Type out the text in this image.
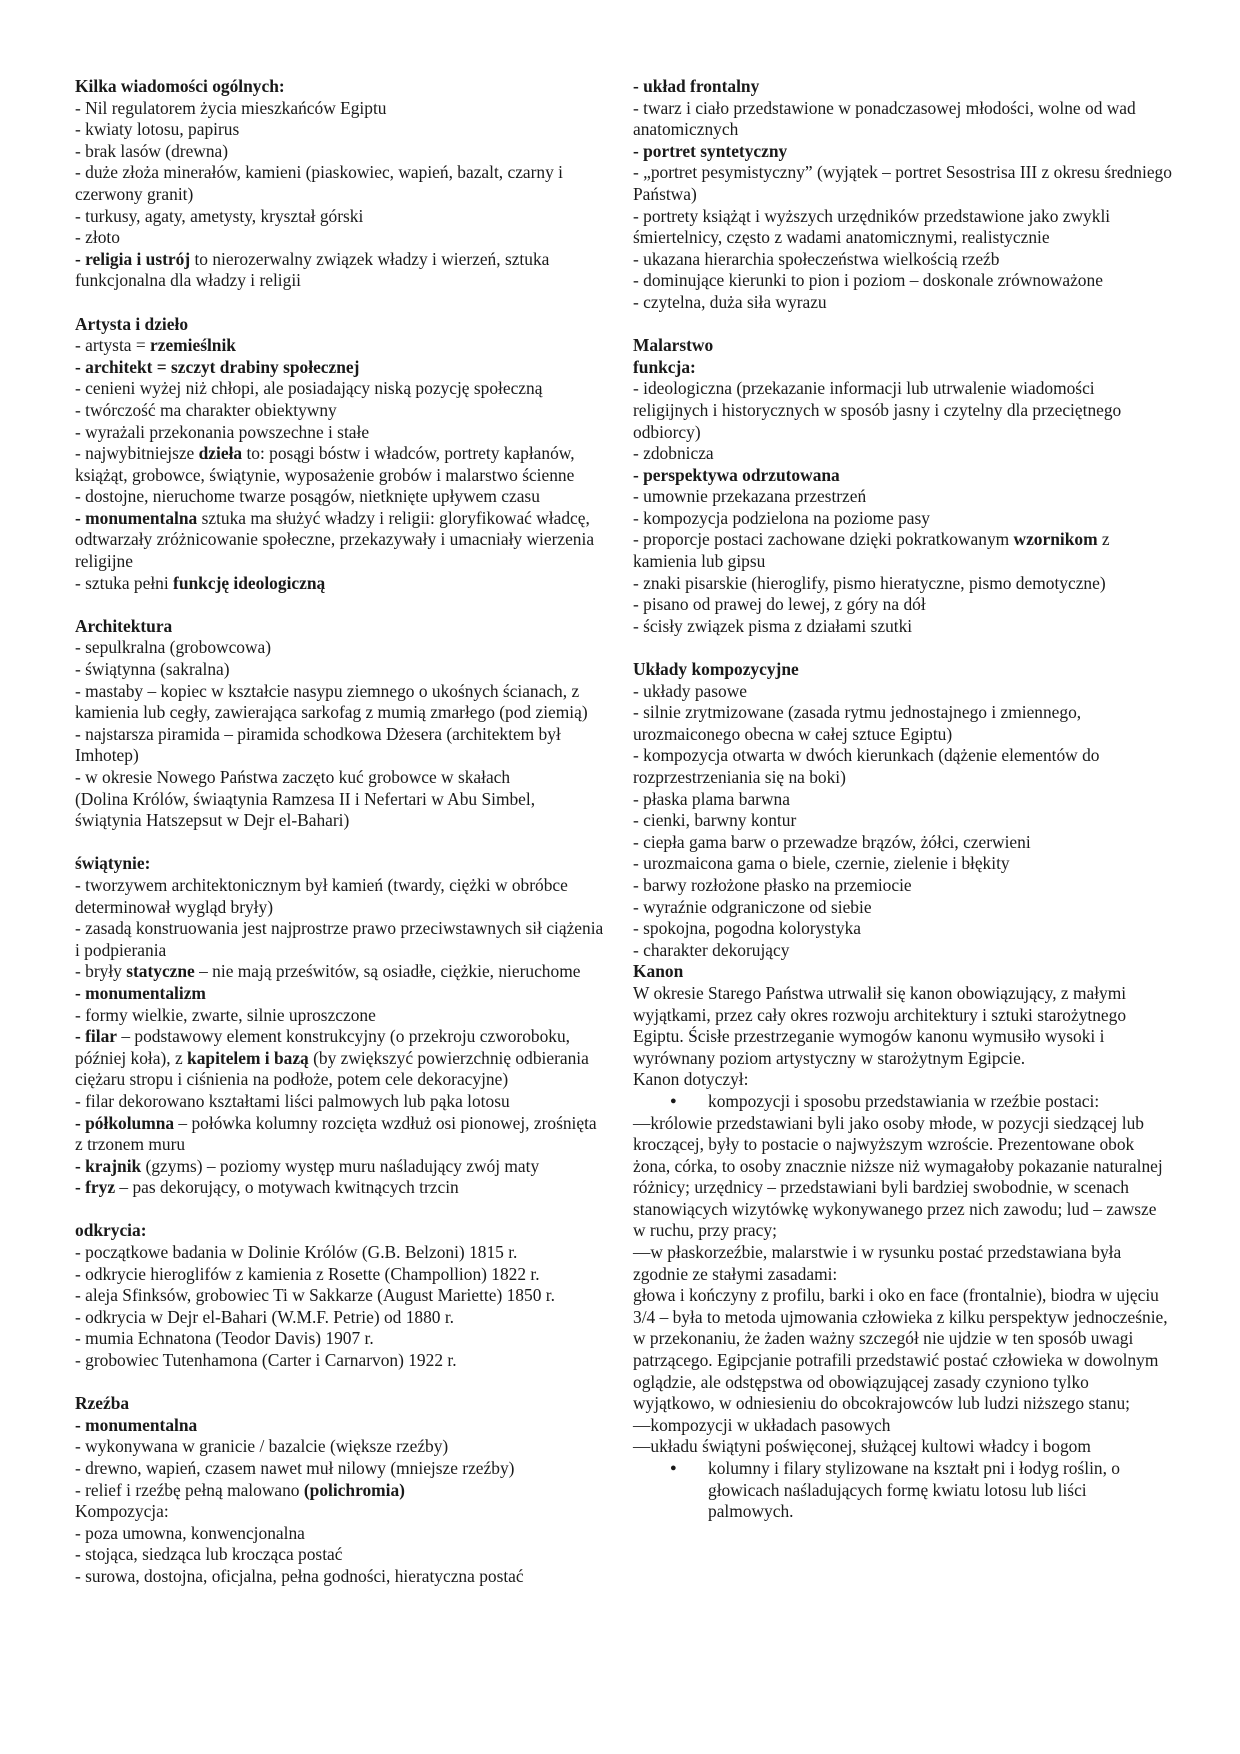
Kilka wiadomości ogólnych:
- Nil regulatorem życia mieszkańców Egiptu
- kwiaty lotosu, papirus
- brak lasów (drewna)
- duże złoża minerałów, kamieni (piaskowiec, wapień, bazalt, czarny i czerwony granit)
- turkusy, agaty, ametysty, kryształ górski
- złoto
- religia i ustrój to nierozerwalny związek władzy i wierzeń, sztuka funkcjonalna dla władzy i religii
Artysta i dzieło
- artysta = rzemieślnik
- architekt = szczyt drabiny społecznej
- cenieni wyżej niż chłopi, ale posiadający niską pozycję społeczną
- twórczość ma charakter obiektywny
- wyrażali przekonania powszechne i stałe
- najwybitniejsze dzieła to: posągi bóstw i władców, portrety kapłanów, książąt, grobowce, świątynie, wyposażenie grobów i malarstwo ścienne
- dostojne, nieruchome twarze posągów, nietknięte upływem czasu
- monumentalna sztuka ma służyć władzy i religii: gloryfikować władcę, odtwarzały zróżnicowanie społeczne, przekazywały i umacniały wierzenia religijne
- sztuka pełni funkcję ideologiczną
Architektura
- sepulkralna (grobowcowa)
- świątynna (sakralna)
- mastaby – kopiec w kształcie nasypu ziemnego o ukośnych ścianach, z kamienia lub cegły, zawierająca sarkofag z mumią zmarłego (pod ziemią)
- najstarsza piramida – piramida schodkowa Dżesera (architektem był Imhotep)
- w okresie Nowego Państwa zaczęto kuć grobowce w skałach
(Dolina Królów, świaątynia Ramzesa II i Nefertari w Abu Simbel, świątynia Hatszepsut w Dejr el-Bahari)
świątynie:
- tworzywem architektonicznym był kamień (twardy, ciężki w obróbce determinował wygląd bryły)
- zasadą konstruowania jest najprostrze prawo przeciwstawnych sił ciążenia i podpierania
- bryły statyczne – nie mają prześwitów, są osiadłe, ciężkie, nieruchome
- monumentalizm
- formy wielkie, zwarte, silnie uproszczone
- filar – podstawowy element konstrukcyjny (o przekroju czworoboku, później koła), z kapitelem i bazą (by zwiększyć powierzchnię odbierania ciężaru stropu i ciśnienia na podłoże, potem cele dekoracyjne)
- filar dekorowano kształtami liści palmowych lub pąka lotosu
- półkolumna – połówka kolumny rozcięta wzdłuż osi pionowej, zrośnięta z trzonem muru
- krajnik (gzyms) – poziomy występ muru naśladujący zwój maty
- fryz – pas dekorujący, o motywach kwitnących trzcin
odkrycia:
- początkowe badania w Dolinie Królów (G.B. Belzoni) 1815 r.
- odkrycie hieroglifów z kamienia z Rosette (Champollion) 1822 r.
- aleja Sfinksów, grobowiec Ti w Sakkarze (August Mariette) 1850 r.
- odkrycia w Dejr el-Bahari (W.M.F. Petrie) od 1880 r.
- mumia Echnatona (Teodor Davis) 1907 r.
- grobowiec Tutenhamona (Carter i Carnarvon) 1922 r.
Rzeźba
- monumentalna
- wykonywana w granicie / bazalcie (większe rzeźby)
- drewno, wapień, czasem nawet muł nilowy (mniejsze rzeźby)
- relief i rzeźbę pełną malowano (polichromia)
Kompozycja:
- poza umowna, konwencjonalna
- stojąca, siedząca lub krocząca postać
- surowa, dostojna, oficjalna, pełna godności, hieratyczna postać
- układ frontalny
- twarz i ciało przedstawione w ponadczasowej młodości, wolne od wad anatomicznych
- portret syntetyczny
- „portret pesymistyczny” (wyjątek – portret Sesostrisa III z okresu średniego Państwa)
- portrety książąt i wyższych urzędników przedstawione jako zwykli śmiertelnicy, często z wadami anatomicznymi, realistycznie
- ukazana hierarchia społeczeństwa wielkością rzeźb
- dominujące kierunki to pion i poziom – doskonale zrównoważone
- czytelna, duża siła wyrazu
Malarstwo
funkcja:
- ideologiczna (przekazanie informacji lub utrwalenie wiadomości religijnych i historycznych w sposób jasny i czytelny dla przeciętnego odbiorcy)
- zdobnicza
- perspektywa odrzutowana
- umownie przekazana przestrzeń
- kompozycja podzielona na poziome pasy
- proporcje postaci zachowane dzięki pokratkowanym wzornikom z kamienia lub gipsu
- znaki pisarskie (hieroglify, pismo hieratyczne, pismo demotyczne)
- pisano od prawej do lewej, z góry na dół
- ścisły związek pisma z działami szutki
Układy kompozycyjne
- układy pasowe
- silnie zrytmizowane (zasada rytmu jednostajnego i zmiennego, urozmaiconego obecna w całej sztuce Egiptu)
- kompozycja otwarta w dwóch kierunkach (dążenie elementów do rozprzestrzeniania się na boki)
- płaska plama barwna
- cienki, barwny kontur
- ciepła gama barw o przewadze brązów, żółci, czerwieni
- urozmaicona gama o biele, czernie, zielenie i błękity
- barwy rozłożone płasko na przemiocie
- wyraźnie odgraniczone od siebie
- spokojna, pogodna kolorystyka
- charakter dekorujący
Kanon
W okresie Starego Państwa utrwalił się kanon obowiązujący, z małymi wyjątkami, przez cały okres rozwoju architektury i sztuki starożytnego Egiptu. Ścisłe przestrzeganie wymogów kanonu wymusiło wysoki i wyrównany poziom artystyczny w starożytnym Egipcie.
Kanon dotyczył:
● kompozycji i sposobu przedstawiania w rzeźbie postaci:
—królowie przedstawiani byli jako osoby młode, w pozycji siedzącej lub kroczącej, były to postacie o najwyższym wzroście. Prezentowane obok żona, córka, to osoby znacznie niższe niż wymagałoby pokazanie naturalnej różnicy; urzędnicy – przedstawiani byli bardziej swobodnie, w scenach stanowiących wizytówkę wykonywanego przez nich zawodu; lud – zawsze w ruchu, przy pracy;
—w płaskorzeźbie, malarstwie i w rysunku postać przedstawiana była zgodnie ze stałymi zasadami:
głowa i kończyny z profilu, barki i oko en face (frontalnie), biodra w ujęciu 3/4 – była to metoda ujmowania człowieka z kilku perspektyw jednocześnie, w przekonaniu, że żaden ważny szczegół nie ujdzie w ten sposób uwagi patrzącego. Egipcjanie potrafili przedstawić postać człowieka w dowolnym oglądzie, ale odstępstwa od obowiązującej zasady czyniono tylko wyjątkowo, w odniesieniu do obcokrajowców lub ludzi niższego stanu;
—kompozycji w układach pasowych
—układu świątyni poświęconej, służącej kultowi władcy i bogom
● kolumny i filary stylizowane na kształt pni i łodyg roślin, o głowicach naśladujących formę kwiatu lotosu lub liści palmowych.
